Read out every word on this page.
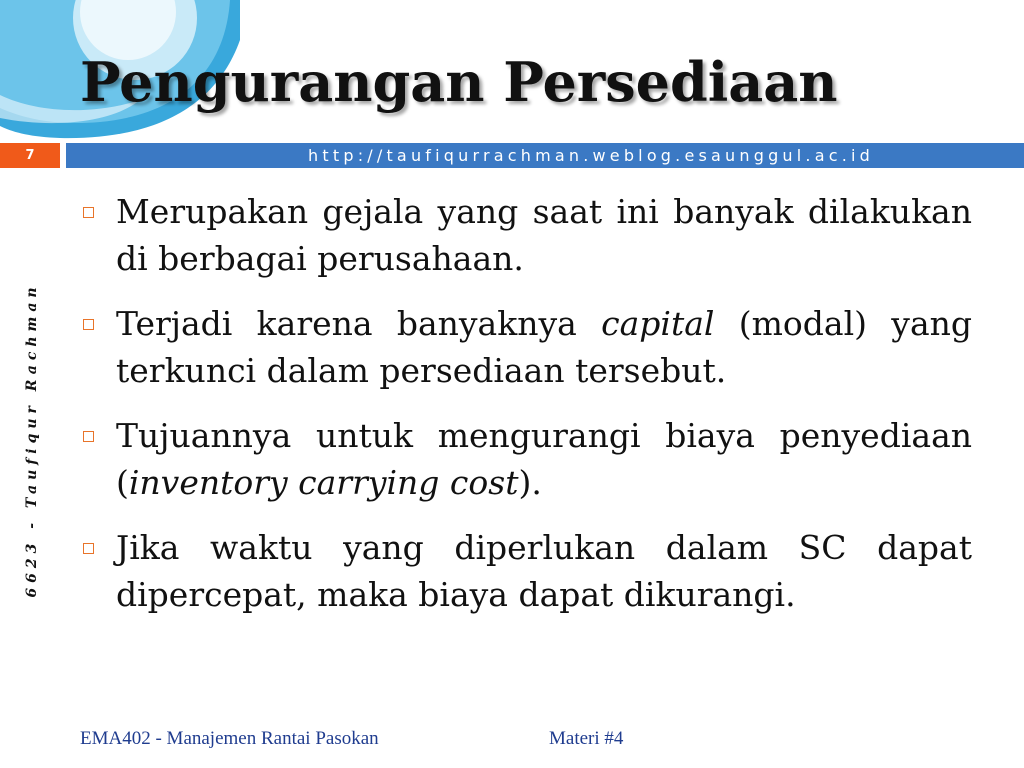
Pengurangan Persediaan
7	http://taufiqurrachman.weblog.esaunggul.ac.id
6623 - Taufiqur Rachman

Merupakan gejala yang saat ini banyak dilakukan di berbagai perusahaan.

Terjadi karena banyaknya capital (modal) yang terkunci dalam persediaan tersebut.

Tujuannya untuk mengurangi biaya penyediaan (inventory carrying cost).

Jika waktu yang diperlukan dalam SC dapat dipercepat, maka biaya dapat dikurangi.

EMA402 - Manajemen Rantai Pasokan	Materi #4
